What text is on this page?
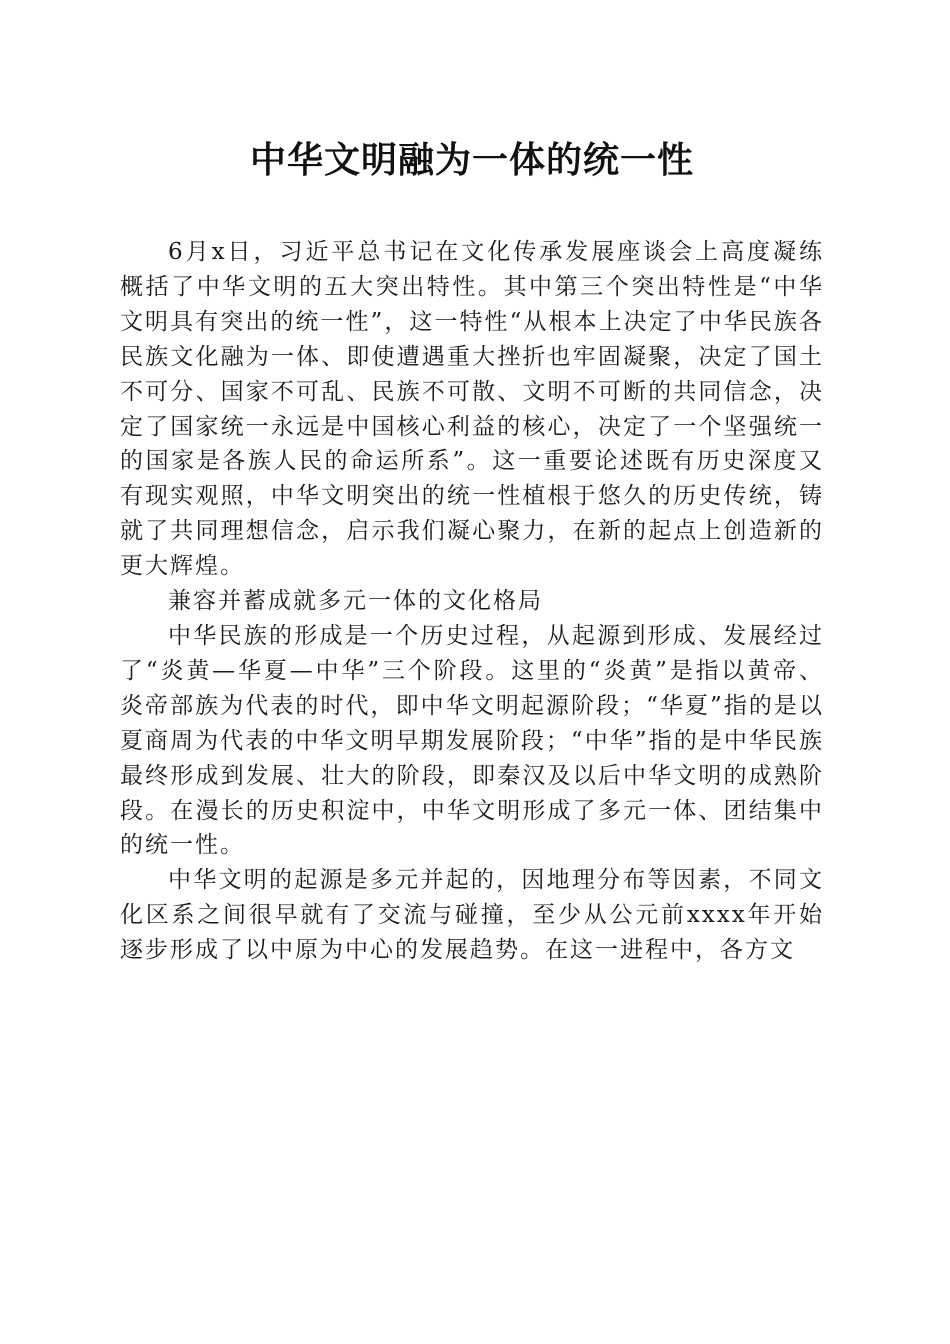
中华文明融为一体的统一性

6月x日，习近平总书记在文化传承发展座谈会上高度凝练概括了中华文明的五大突出特性。其中第三个突出特性是“中华文明具有突出的统一性”，这一特性“从根本上决定了中华民族各民族文化融为一体、即使遭遇重大挫折也牢固凝聚，决定了国土不可分、国家不可乱、民族不可散、文明不可断的共同信念，决定了国家统一永远是中国核心利益的核心，决定了一个坚强统一的国家是各族人民的命运所系”。这一重要论述既有历史深度又有现实观照，中华文明突出的统一性植根于悠久的历史传统，铸就了共同理想信念，启示我们凝心聚力，在新的起点上创造新的更大辉煌。

兼容并蓄成就多元一体的文化格局

中华民族的形成是一个历史过程，从起源到形成、发展经过了“炎黄—华夏—中华”三个阶段。这里的“炎黄”是指以黄帝、炎帝部族为代表的时代，即中华文明起源阶段；“华夏”指的是以夏商周为代表的中华文明早期发展阶段；“中华”指的是中华民族最终形成到发展、壮大的阶段，即秦汉及以后中华文明的成熟阶段。在漫长的历史积淀中，中华文明形成了多元一体、团结集中的统一性。

中华文明的起源是多元并起的，因地理分布等因素，不同文化区系之间很早就有了交流与碰撞，至少从公元前xxxx年开始逐步形成了以中原为中心的发展趋势。在这一进程中，各方文
